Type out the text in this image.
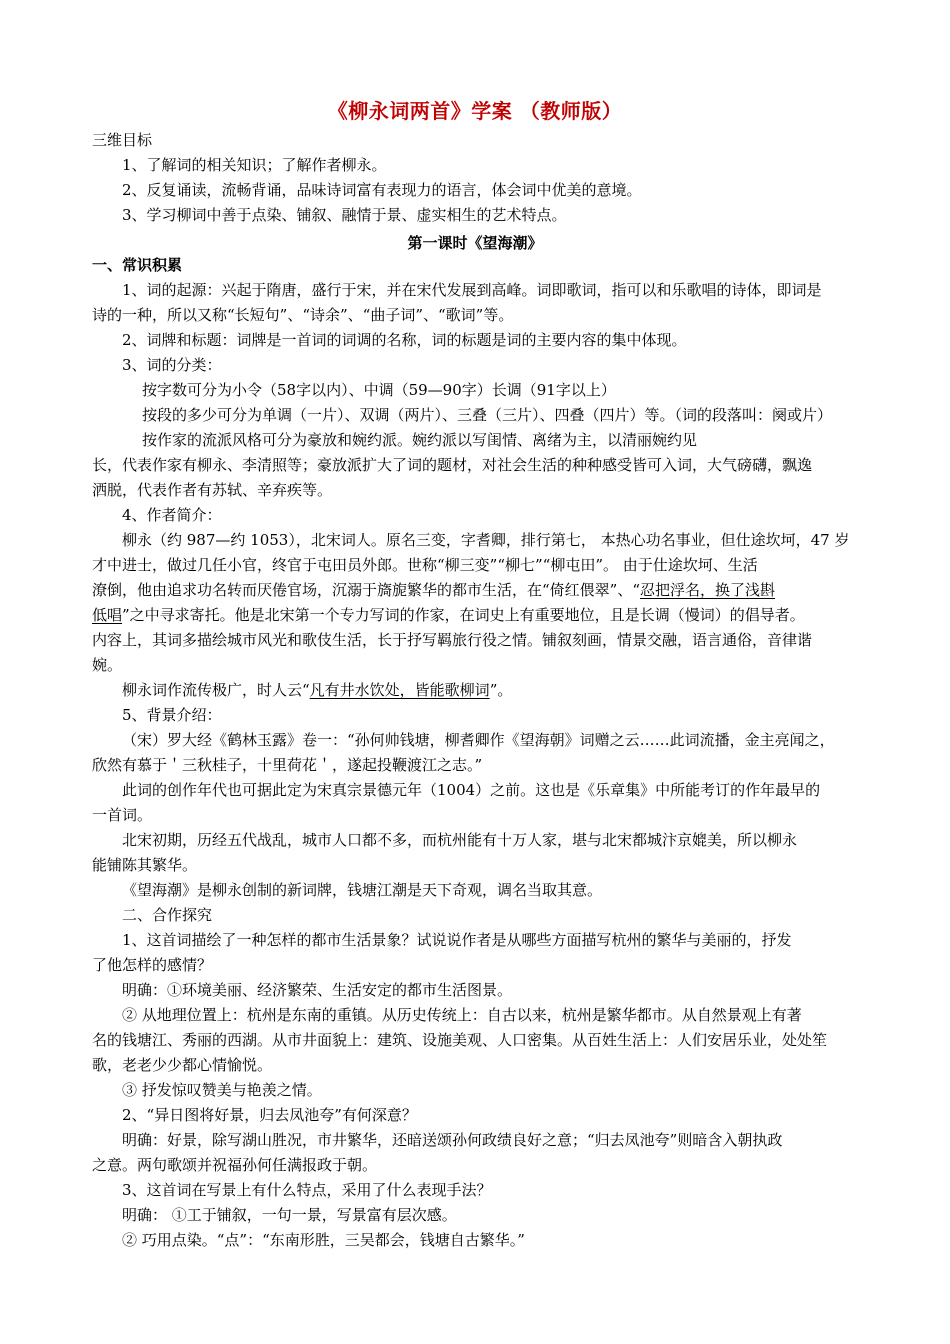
《柳永词两首》学案 （教师版）
三维目标
1、了解词的相关知识；了解作者柳永。
2、反复诵读，流畅背诵，品味诗词富有表现力的语言，体会词中优美的意境。
3、学习柳词中善于点染、铺叙、融情于景、虚实相生的艺术特点。
第一课时《望海潮》
一、常识积累
1、词的起源：兴起于隋唐，盛行于宋，并在宋代发展到高峰。词即歌词，指可以和乐歌唱的诗体，即词是
诗的一种，所以又称“长短句”、“诗余”、“曲子词”、“歌词”等。
2、词牌和标题：词牌是一首词的词调的名称，词的标题是词的主要内容的集中体现。
3、词的分类：
按字数可分为小令（58字以内）、中调（59—90字）长调（91字以上）
按段的多少可分为单调（一片）、双调（两片）、三叠（三片）、四叠（四片）等。（词的段落叫：阕或片）
按作家的流派风格可分为豪放和婉约派。婉约派以写闺情、离绪为主，以清丽婉约见
长，代表作家有柳永、李清照等；豪放派扩大了词的题材，对社会生活的种种感受皆可入词，大气磅礴，飘逸
洒脱，代表作者有苏轼、辛弃疾等。
4、作者简介：
柳永（约 987—约 1053），北宋词人。原名三变，字耆卿，排行第七， 本热心功名事业，但仕途坎坷，47 岁
才中进士，做过几任小官，终官于屯田员外郎。世称“柳三变”“柳七”“柳屯田”。 由于仕途坎坷、生活
潦倒，他由追求功名转而厌倦官场，沉溺于旖旎繁华的都市生活，在“倚红偎翠”、“忍把浮名，换了浅斟
低唱”之中寻求寄托。他是北宋第一个专力写词的作家，在词史上有重要地位，且是长调（慢词）的倡导者。
内容上，其词多描绘城市风光和歌伎生活，长于抒写羁旅行役之情。铺叙刻画，情景交融，语言通俗，音律谐
婉。
柳永词作流传极广，时人云“凡有井水饮处，皆能歌柳词”。
5、背景介绍：
（宋）罗大经《鹤林玉露》卷一：“孙何帅钱塘，柳耆卿作《望海朝》词赠之云……此词流播，金主亮闻之，
欣然有慕于＇三秋桂子，十里荷花＇，遂起投鞭渡江之志。”
此词的创作年代也可据此定为宋真宗景德元年（1004）之前。这也是《乐章集》中所能考订的作年最早的
一首词。
北宋初期，历经五代战乱，城市人口都不多，而杭州能有十万人家，堪与北宋都城汴京媲美，所以柳永
能铺陈其繁华。
《望海潮》是柳永创制的新词牌，钱塘江潮是天下奇观，调名当取其意。
二、合作探究
1、这首词描绘了一种怎样的都市生活景象？试说说作者是从哪些方面描写杭州的繁华与美丽的，抒发
了他怎样的感情？
明确：①环境美丽、经济繁荣、生活安定的都市生活图景。
② 从地理位置上：杭州是东南的重镇。从历史传统上：自古以来，杭州是繁华都市。从自然景观上有著
名的钱塘江、秀丽的西湖。从市井面貌上：建筑、设施美观、人口密集。从百姓生活上：人们安居乐业，处处笙
歌，老老少少都心情愉悦。
③ 抒发惊叹赞美与艳羡之情。
2、“异日图将好景，归去凤池夸”有何深意？
明确：好景，除写湖山胜况，市井繁华，还暗送颂孙何政绩良好之意；“归去凤池夸”则暗含入朝执政
之意。两句歌颂并祝福孙何任满报政于朝。
3、这首词在写景上有什么特点，采用了什么表现手法？
明确： ①工于铺叙，一句一景，写景富有层次感。
② 巧用点染。“点”：“东南形胜，三吴都会，钱塘自古繁华。”
